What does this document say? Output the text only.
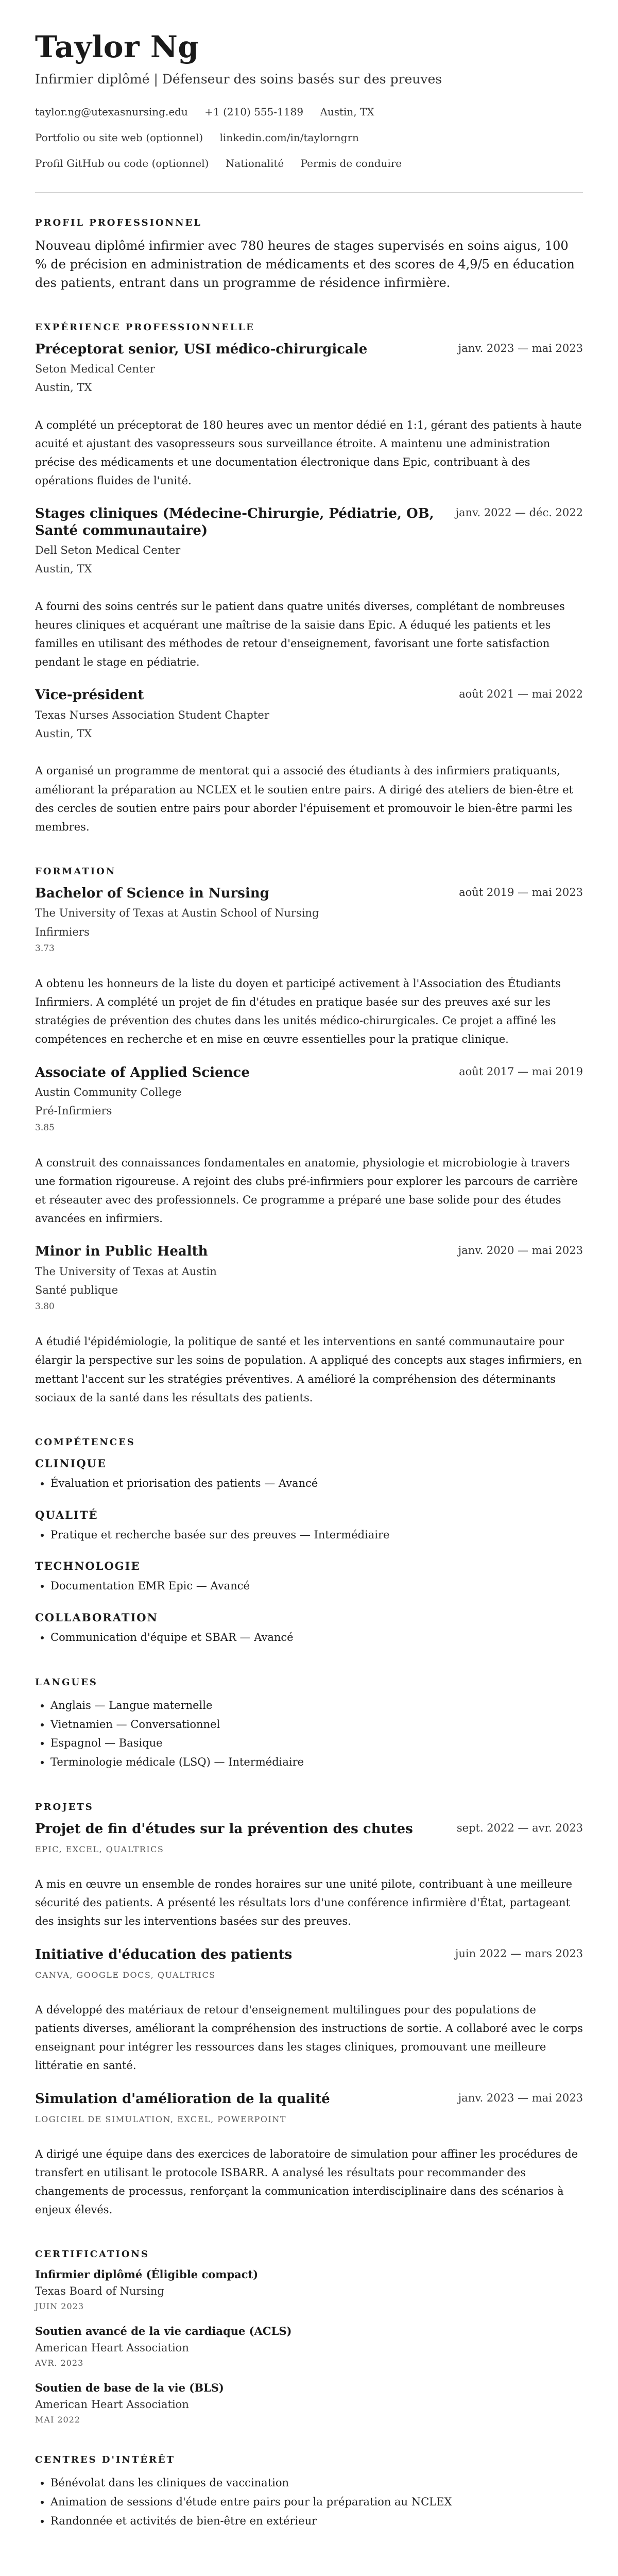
Taylor Ng
Infirmier diplômé | Défenseur des soins basés sur des preuves
taylor.ng@utexasnursing.edu +1 (210) 555-1189 Austin, TX
Portfolio ou site web (optionnel) linkedin.com/in/taylorngrn
Profil GitHub ou code (optionnel) Nationalité Permis de conduire
PROFIL PROFESSIONNEL

Nouveau diplômé infirmier avec 780 heures de stages supervisés en soins aigus, 100 % de précision en administration de médicaments et des scores de 4,9/5 en éducation des patients, entrant dans un programme de résidence infirmière.

EXPÉRIENCE PROFESSIONNELLE
Préceptorat senior, USI médico-chirurgicale	janv. 2023 — mai 2023
Seton Medical Center
Austin, TX
A complété un préceptorat de 180 heures avec un mentor dédié en 1:1, gérant des patients à haute acuité et ajustant des vasopresseurs sous surveillance étroite. A maintenu une administration précise des médicaments et une documentation électronique dans Epic, contribuant à des opérations fluides de l'unité.
Stages cliniques (Médecine-Chirurgie, Pédiatrie, OB, Santé communautaire)
janv. 2022 — déc. 2022
Dell Seton Medical Center
Austin, TX
A fourni des soins centrés sur le patient dans quatre unités diverses, complétant de nombreuses heures cliniques et acquérant une maîtrise de la saisie dans Epic. A éduqué les patients et les familles en utilisant des méthodes de retour d'enseignement, favorisant une forte satisfaction pendant le stage en pédiatrie.
Vice-président	août 2021 — mai 2022
Texas Nurses Association Student Chapter
Austin, TX
A organisé un programme de mentorat qui a associé des étudiants à des infirmiers pratiquants, améliorant la préparation au NCLEX et le soutien entre pairs. A dirigé des ateliers de bien-être et des cercles de soutien entre pairs pour aborder l'épuisement et promouvoir le bien-être parmi les membres.
FORMATION
Bachelor of Science in Nursing	août 2019 — mai 2023
The University of Texas at Austin School of Nursing
Infirmiers
3.73
A obtenu les honneurs de la liste du doyen et participé activement à l'Association des Étudiants Infirmiers. A complété un projet de fin d'études en pratique basée sur des preuves axé sur les stratégies de prévention des chutes dans les unités médico-chirurgicales. Ce projet a affiné les compétences en recherche et en mise en œuvre essentielles pour la pratique clinique.
Associate of Applied Science	août 2017 — mai 2019
Austin Community College
Pré-Infirmiers
3.85
A construit des connaissances fondamentales en anatomie, physiologie et microbiologie à travers une formation rigoureuse. A rejoint des clubs pré-infirmiers pour explorer les parcours de carrière et réseauter avec des professionnels. Ce programme a préparé une base solide pour des études avancées en infirmiers.
Minor in Public Health	janv. 2020 — mai 2023
The University of Texas at Austin
Santé publique
3.80
A étudié l'épidémiologie, la politique de santé et les interventions en santé communautaire pour élargir la perspective sur les soins de population. A appliqué des concepts aux stages infirmiers, en mettant l'accent sur les stratégies préventives. A amélioré la compréhension des déterminants sociaux de la santé dans les résultats des patients.
COMPÉTENCES
CLINIQUE
• Évaluation et priorisation des patients — Avancé
QUALITÉ
• Pratique et recherche basée sur des preuves — Intermédiaire
TECHNOLOGIE
• Documentation EMR Epic — Avancé
COLLABORATION
• Communication d'équipe et SBAR — Avancé
LANGUES
• Anglais — Langue maternelle
• Vietnamien — Conversationnel
• Espagnol — Basique
• Terminologie médicale (LSQ) — Intermédiaire
PROJETS
Projet de fin d'études sur la prévention des chutes	sept. 2022 — avr. 2023
EPIC, EXCEL, QUALTRICS
A mis en œuvre un ensemble de rondes horaires sur une unité pilote, contribuant à une meilleure sécurité des patients. A présenté les résultats lors d'une conférence infirmière d'État, partageant des insights sur les interventions basées sur des preuves.
Initiative d'éducation des patients	juin 2022 — mars 2023
CANVA, GOOGLE DOCS, QUALTRICS
A développé des matériaux de retour d'enseignement multilingues pour des populations de patients diverses, améliorant la compréhension des instructions de sortie. A collaboré avec le corps enseignant pour intégrer les ressources dans les stages cliniques, promouvant une meilleure littératie en santé.
Simulation d'amélioration de la qualité	janv. 2023 — mai 2023
LOGICIEL DE SIMULATION, EXCEL, POWERPOINT
A dirigé une équipe dans des exercices de laboratoire de simulation pour affiner les procédures de transfert en utilisant le protocole ISBARR. A analysé les résultats pour recommander des changements de processus, renforçant la communication interdisciplinaire dans des scénarios à enjeux élevés.
CERTIFICATIONS
Infirmier diplômé (Éligible compact)
Texas Board of Nursing
JUIN 2023
Soutien avancé de la vie cardiaque (ACLS)
American Heart Association
AVR. 2023
Soutien de base de la vie (BLS)
American Heart Association
MAI 2022
CENTRES D'INTÉRÊT
• Bénévolat dans les cliniques de vaccination
• Animation de sessions d'étude entre pairs pour la préparation au NCLEX
• Randonnée et activités de bien-être en extérieur
